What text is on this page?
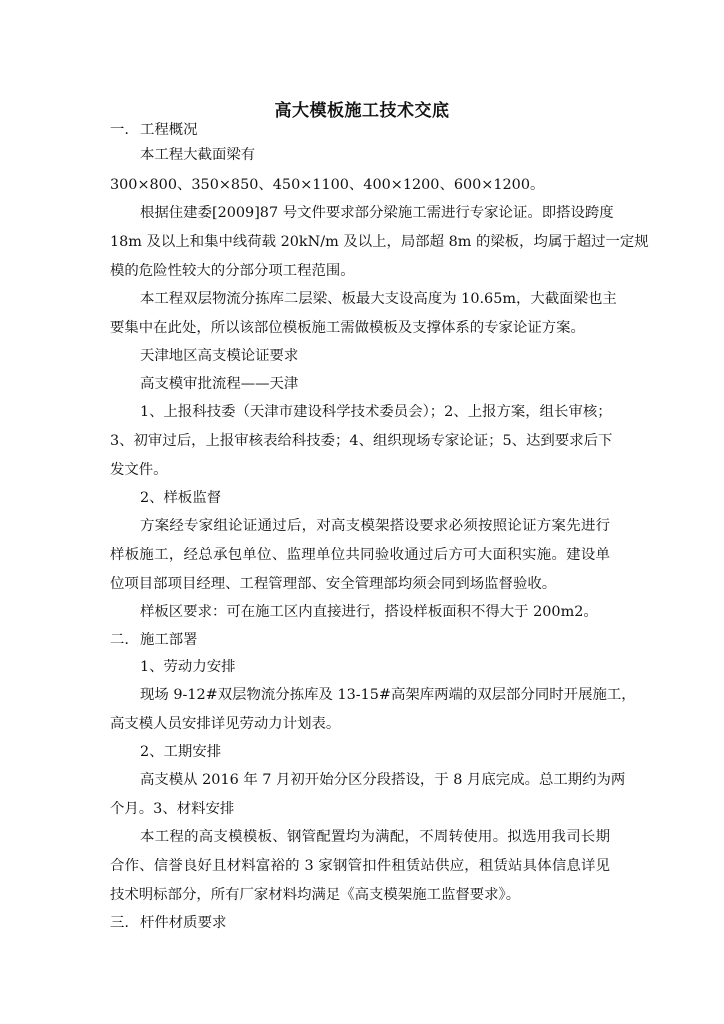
高大模板施工技术交底
一. 工程概况
本工程大截面梁有
300×800、350×850、450×1100、400×1200、600×1200。
根据住建委[2009]87 号文件要求部分梁施工需进行专家论证。即搭设跨度
18m 及以上和集中线荷载 20kN/m 及以上，局部超 8m 的梁板，均属于超过一定规
模的危险性较大的分部分项工程范围。
本工程双层物流分拣库二层梁、板最大支设高度为 10.65m，大截面梁也主
要集中在此处，所以该部位模板施工需做模板及支撑体系的专家论证方案。
天津地区高支模论证要求
高支模审批流程——天津
1、上报科技委（天津市建设科学技术委员会）；2、上报方案，组长审核；
3、初审过后，上报审核表给科技委；4、组织现场专家论证；5、达到要求后下
发文件。
2、样板监督
方案经专家组论证通过后，对高支模架搭设要求必须按照论证方案先进行
样板施工，经总承包单位、监理单位共同验收通过后方可大面积实施。建设单
位项目部项目经理、工程管理部、安全管理部均须会同到场监督验收。
样板区要求：可在施工区内直接进行，搭设样板面积不得大于 200m2。
二. 施工部署
1、劳动力安排
现场 9-12#双层物流分拣库及 13-15#高架库两端的双层部分同时开展施工，
高支模人员安排详见劳动力计划表。
2、工期安排
高支模从 2016 年 7 月初开始分区分段搭设，于 8 月底完成。总工期约为两
个月。3、材料安排
本工程的高支模模板、钢管配置均为满配，不周转使用。拟选用我司长期
合作、信誉良好且材料富裕的 3 家钢管扣件租赁站供应，租赁站具体信息详见
技术明标部分，所有厂家材料均满足《高支模架施工监督要求》。
三. 杆件材质要求
